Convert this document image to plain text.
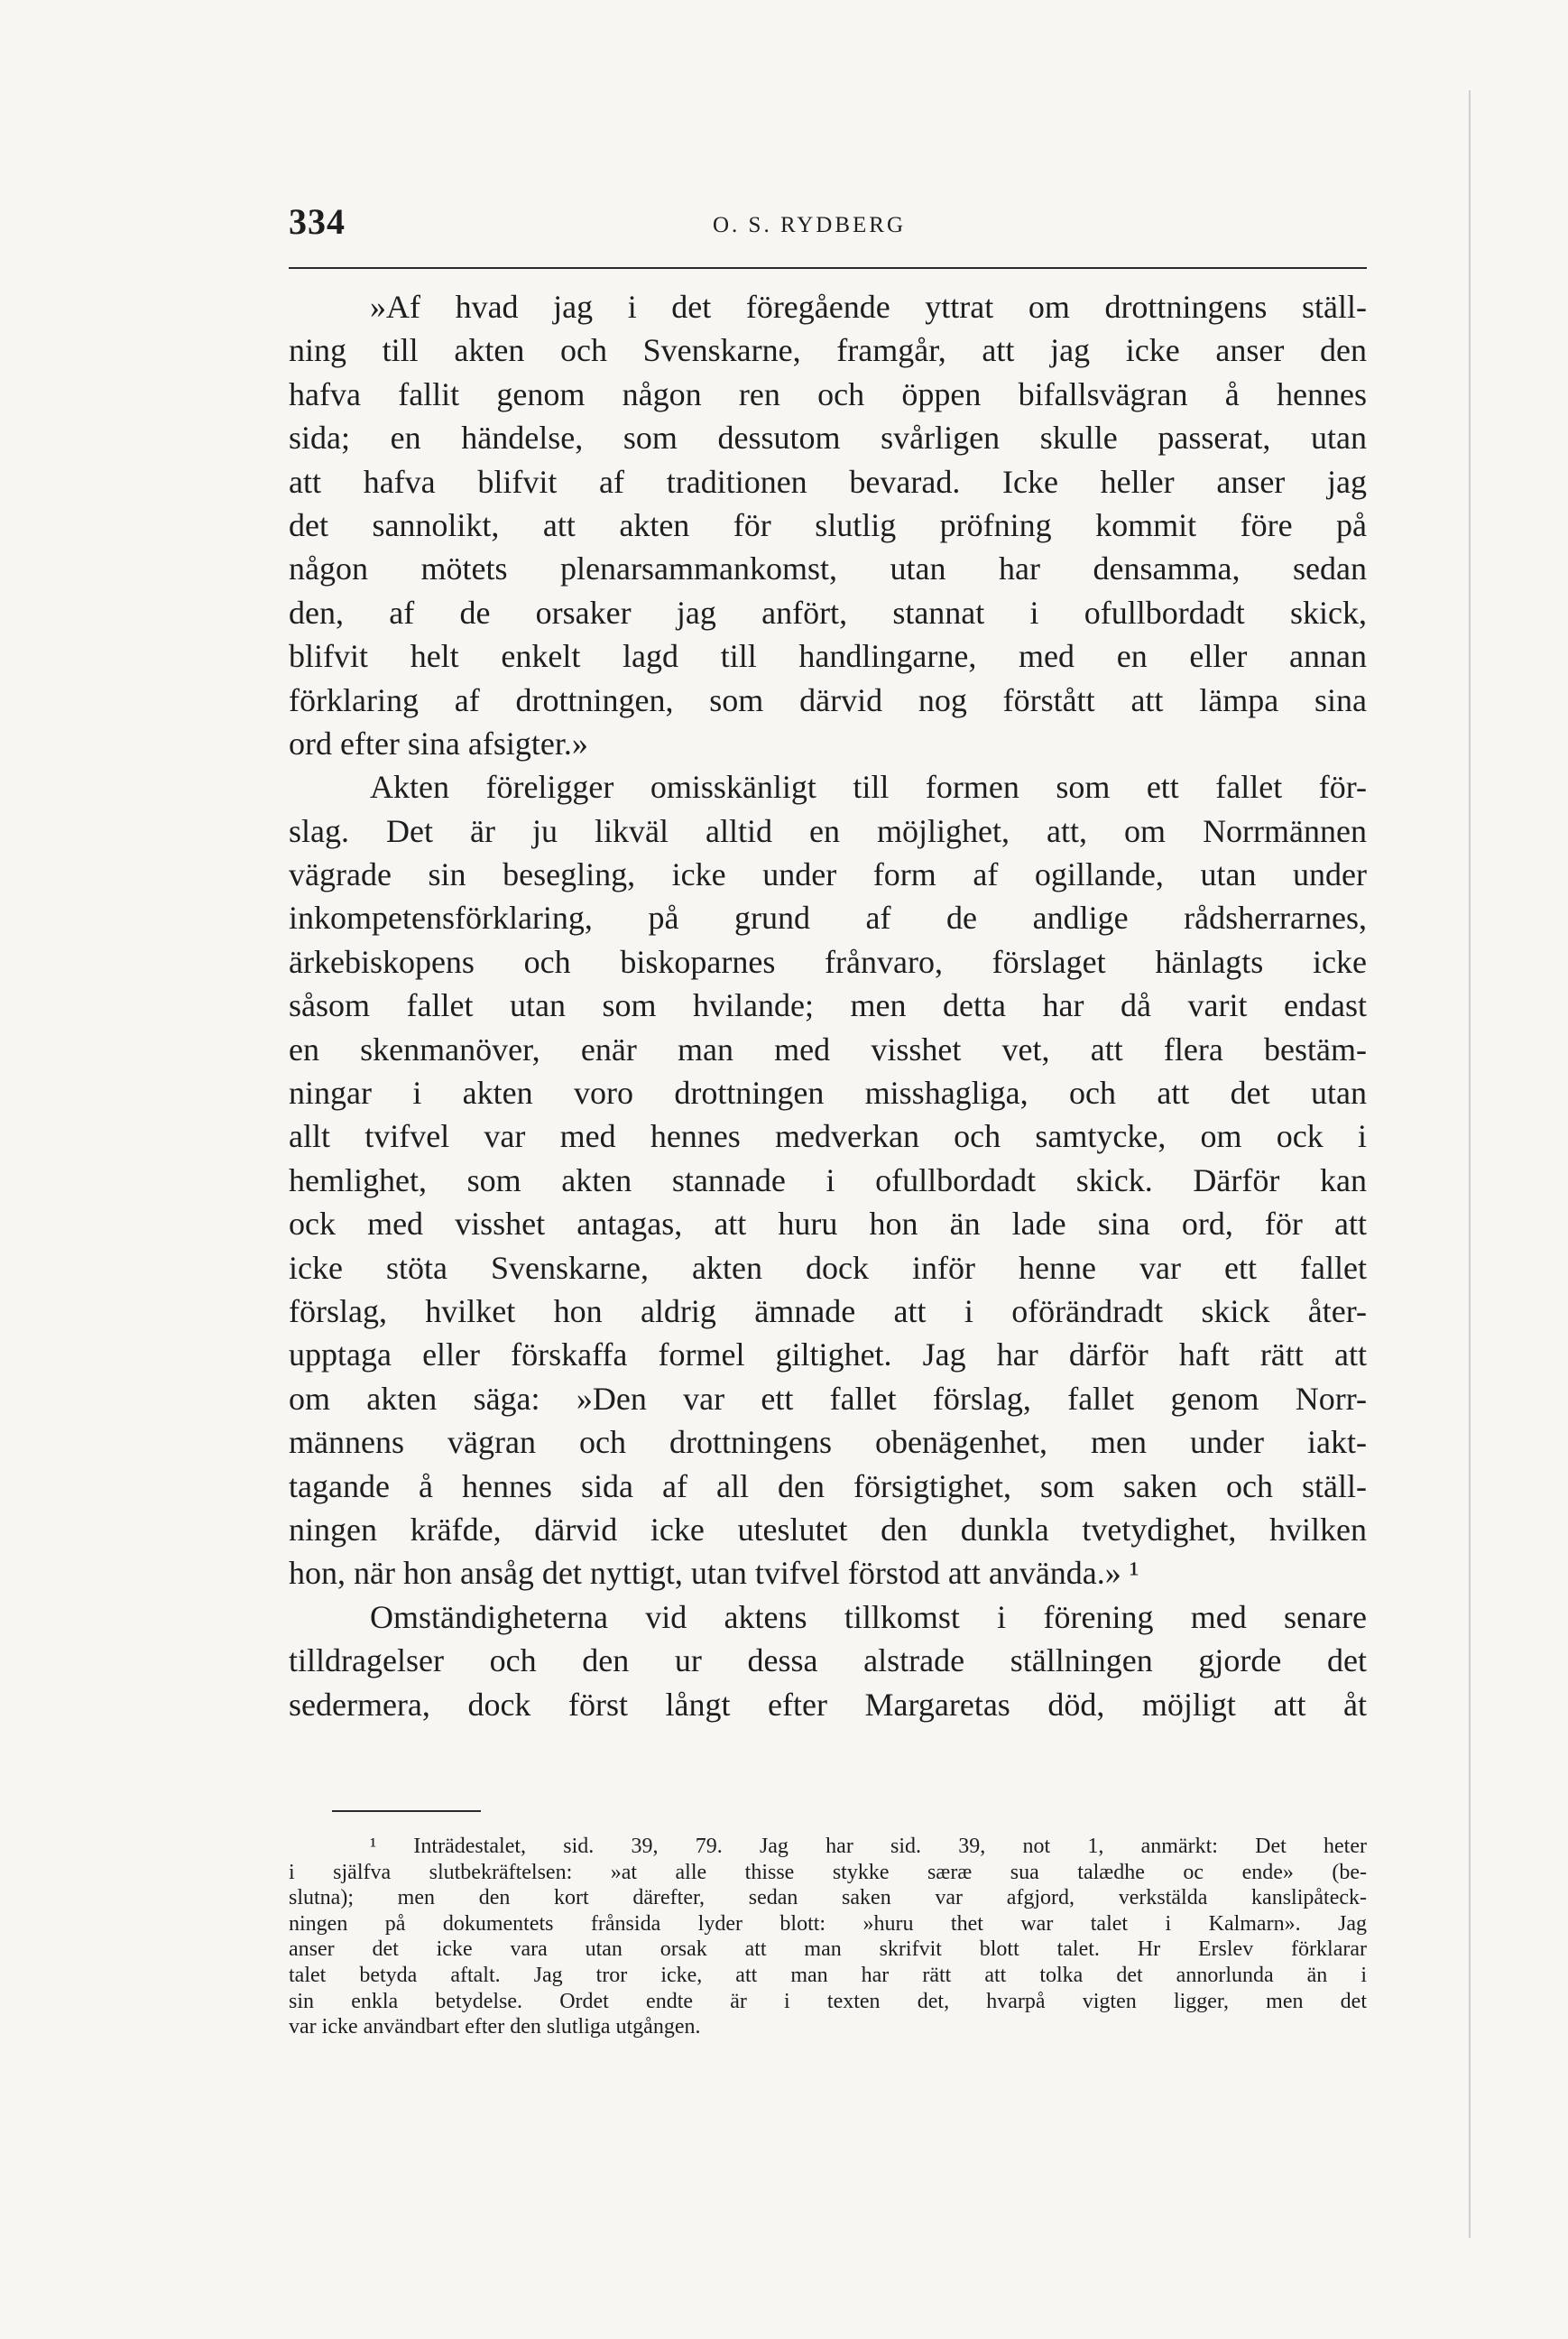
334	O. S. RYDBERG
»Af hvad jag i det föregående yttrat om drottningens ställ-
ning till akten och Svenskarne, framgår, att jag icke anser den
hafva fallit genom någon ren och öppen bifallsvägran å hennes
sida; en händelse, som dessutom svårligen skulle passerat, utan
att hafva blifvit af traditionen bevarad. Icke heller anser jag
det sannolikt, att akten för slutlig pröfning kommit före på
någon mötets plenarsammankomst, utan har densamma, sedan
den, af de orsaker jag anfört, stannat i ofullbordadt skick,
blifvit helt enkelt lagd till handlingarne, med en eller annan
förklaring af drottningen, som därvid nog förstått att lämpa sina
ord efter sina afsigter.»
Akten föreligger omisskänligt till formen som ett fallet för-
slag. Det är ju likväl alltid en möjlighet, att, om Norrmännen
vägrade sin besegling, icke under form af ogillande, utan under
inkompetensförklaring, på grund af de andlige rådsherrarnes,
ärkebiskopens och biskoparnes frånvaro, förslaget hänlagts icke
såsom fallet utan som hvilande; men detta har då varit endast
en skenmanöver, enär man med visshet vet, att flera bestäm-
ningar i akten voro drottningen misshagliga, och att det utan
allt tvifvel var med hennes medverkan och samtycke, om ock i
hemlighet, som akten stannade i ofullbordadt skick. Därför kan
ock med visshet antagas, att huru hon än lade sina ord, för att
icke stöta Svenskarne, akten dock inför henne var ett fallet
förslag, hvilket hon aldrig ämnade att i oförändradt skick åter-
upptaga eller förskaffa formel giltighet. Jag har därför haft rätt att
om akten säga: »Den var ett fallet förslag, fallet genom Norr-
männens vägran och drottningens obenägenhet, men under iakt-
tagande å hennes sida af all den försigtighet, som saken och ställ-
ningen kräfde, därvid icke uteslutet den dunkla tvetydighet, hvilken
hon, när hon ansåg det nyttigt, utan tvifvel förstod att använda.» ¹
Omständigheterna vid aktens tillkomst i förening med senare
tilldragelser och den ur dessa alstrade ställningen gjorde det
sedermera, dock först långt efter Margaretas död, möjligt att åt
¹ Inträdestalet, sid. 39, 79. Jag har sid. 39, not 1, anmärkt: Det heter
i själfva slutbekräftelsen: »at alle thisse stykke særæ sua talædhe oc ende» (be-
slutna); men den kort därefter, sedan saken var afgjord, verkstälda kanslipåteck-
ningen på dokumentets frånsida lyder blott: »huru thet war talet i Kalmarn». Jag
anser det icke vara utan orsak att man skrifvit blott talet. Hr Erslev förklarar
talet betyda aftalt. Jag tror icke, att man har rätt att tolka det annorlunda än i
sin enkla betydelse. Ordet endte är i texten det, hvarpå vigten ligger, men det
var icke användbart efter den slutliga utgången.
